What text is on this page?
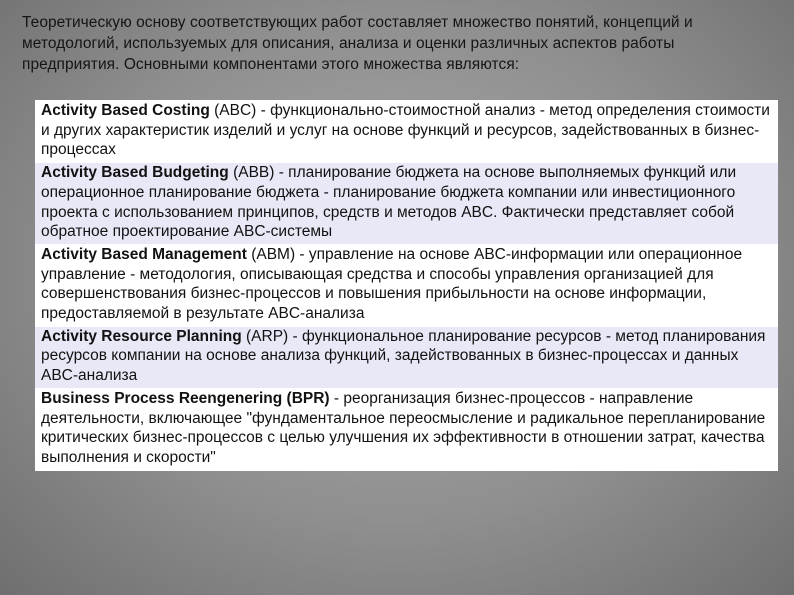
Теоретическую основу соответствующих работ составляет множество понятий, концепций и методологий, используемых для описания, анализа и оценки различных аспектов работы предприятия. Основными компонентами этого множества являются:
Activity Based Costing (ABC) - функционально-стоимостной анализ - метод определения стоимости и других характеристик изделий и услуг на основе функций и ресурсов, задействованных в бизнес-процессах
Activity Based Budgeting (ABB) - планирование бюджета на основе выполняемых функций или операционное планирование бюджета - планирование бюджета компании или инвестиционного проекта с использованием принципов, средств и методов ABC. Фактически представляет собой обратное проектирование ABC-системы
Activity Based Management (ABM) - управление на основе ABC-информации или операционное управление - методология, описывающая средства и способы управления организацией для совершенствования бизнес-процессов и повышения прибыльности на основе информации, предоставляемой в результате ABC-анализа
Activity Resource Planning (ARP) - функциональное планирование ресурсов - метод планирования ресурсов компании на основе анализа функций, задействованных в бизнес-процессах и данных ABC-анализа
Business Process Reengenering (BPR) - реорганизация бизнес-процессов - направление деятельности, включающее "фундаментальное переосмысление и радикальное перепланирование критических бизнес-процессов с целью улучшения их эффективности в отношении затрат, качества выполнения и скорости"
